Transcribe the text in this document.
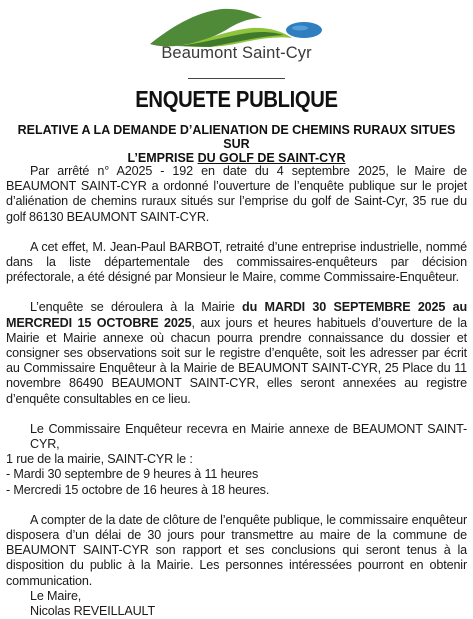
Beaumont Saint-Cyr
ENQUETE PUBLIQUE
RELATIVE A LA DEMANDE D’ALIENATION DE CHEMINS RURAUX SITUES SUR
L’EMPRISE DU GOLF DE SAINT-CYR

Par arrêté n° A2025 - 192 en date du 4 septembre 2025, le Maire de BEAUMONT SAINT-CYR a ordonné l’ouverture de l’enquête publique sur le projet d’aliénation de chemins ruraux situés sur l’emprise du golf de Saint-Cyr, 35 rue du golf 86130 BEAUMONT SAINT-CYR.

A cet effet, M. Jean-Paul BARBOT, retraité d’une entreprise industrielle, nommé dans la liste départementale des commissaires-enquêteurs par décision préfectorale, a été désigné par Monsieur le Maire, comme Commissaire-Enquêteur.

L’enquête se déroulera à la Mairie du MARDI 30 SEPTEMBRE 2025 au MERCREDI 15 OCTOBRE 2025, aux jours et heures habituels d’ouverture de la Mairie et Mairie annexe où chacun pourra prendre connaissance du dossier et consigner ses observations soit sur le registre d’enquête, soit les adresser par écrit au Commissaire Enquêteur à la Mairie de BEAUMONT SAINT-CYR, 25 Place du 11 novembre 86490 BEAUMONT SAINT-CYR, elles seront annexées au registre d’enquête consultables en ce lieu.

Le Commissaire Enquêteur recevra en Mairie annexe de BEAUMONT SAINT-CYR,
1 rue de la mairie, SAINT-CYR le :
- Mardi 30 septembre de 9 heures à 11 heures
- Mercredi 15 octobre de 16 heures à 18 heures.

A compter de la date de clôture de l’enquête publique, le commissaire enquêteur disposera d’un délai de 30 jours pour transmettre au maire de la commune de BEAUMONT SAINT-CYR son rapport et ses conclusions qui seront tenus à la disposition du public à la Mairie. Les personnes intéressées pourront en obtenir communication.

Le Maire,
Nicolas REVEILLAULT
